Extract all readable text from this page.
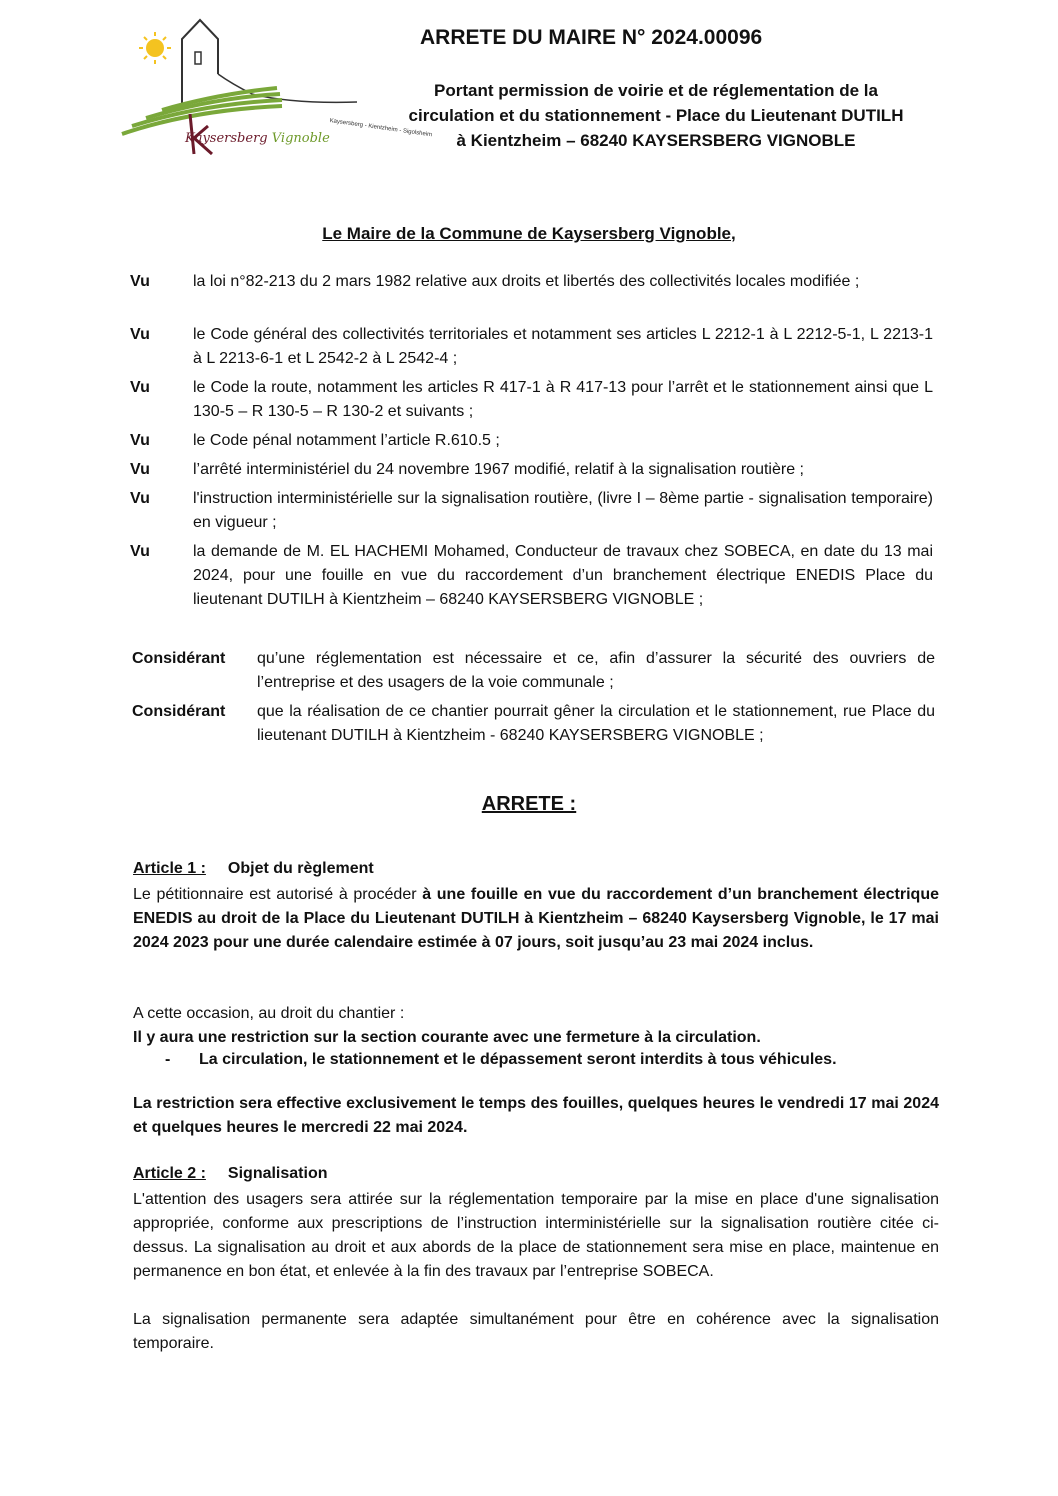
Kaysersberg - Kientzheim - Sigolsheim
Kaysersberg Vignoble
ARRETE DU MAIRE N° 2024.00096
Portant permission de voirie et de réglementation de la
circulation et du stationnement - Place du Lieutenant DUTILH
à Kientzheim – 68240 KAYSERSBERG VIGNOBLE
Le Maire de la Commune de Kaysersberg Vignoble,
Vu	la loi n°82-213 du 2 mars 1982 relative aux droits et libertés des collectivités locales modifiée ;
Vu	le Code général des collectivités territoriales et notamment ses articles L 2212-1 à L 2212-5-1, L 2213-1 à L 2213-6-1 et L 2542-2 à L 2542-4 ;
Vu	le Code la route, notamment les articles R 417-1 à R 417-13 pour l’arrêt et le stationnement ainsi que L 130-5 – R 130-5 – R 130-2 et suivants ;
Vu	le Code pénal notamment l’article R.610.5 ;
Vu	l’arrêté interministériel du 24 novembre 1967 modifié, relatif à la signalisation routière ;
Vu	l'instruction interministérielle sur la signalisation routière, (livre I – 8ème partie - signalisation temporaire) en vigueur ;
Vu	la demande de M. EL HACHEMI Mohamed, Conducteur de travaux chez SOBECA, en date du 13 mai 2024, pour une fouille en vue du raccordement d’un branchement électrique ENEDIS Place du lieutenant DUTILH à Kientzheim – 68240 KAYSERSBERG VIGNOBLE ;
Considérant qu’une réglementation est nécessaire et ce, afin d’assurer la sécurité des ouvriers de l’entreprise et des usagers de la voie communale ;
Considérant que la réalisation de ce chantier pourrait gêner la circulation et le stationnement, rue Place du lieutenant DUTILH à Kientzheim - 68240 KAYSERSBERG VIGNOBLE ;
ARRETE :
Article 1 : Objet du règlement
Le pétitionnaire est autorisé à procéder à une fouille en vue du raccordement d’un branchement électrique ENEDIS au droit de la Place du Lieutenant DUTILH à Kientzheim – 68240 Kaysersberg Vignoble, le 17 mai 2024 2023 pour une durée calendaire estimée à 07 jours, soit jusqu’au 23 mai 2024 inclus.
A cette occasion, au droit du chantier :
Il y aura une restriction sur la section courante avec une fermeture à la circulation.
- La circulation, le stationnement et le dépassement seront interdits à tous véhicules.
La restriction sera effective exclusivement le temps des fouilles, quelques heures le vendredi 17 mai 2024 et quelques heures le mercredi 22 mai 2024.
Article 2 : Signalisation
L'attention des usagers sera attirée sur la réglementation temporaire par la mise en place d'une signalisation appropriée, conforme aux prescriptions de l’instruction interministérielle sur la signalisation routière citée ci-dessus. La signalisation au droit et aux abords de la place de stationnement sera mise en place, maintenue en permanence en bon état, et enlevée à la fin des travaux par l’entreprise SOBECA.
La signalisation permanente sera adaptée simultanément pour être en cohérence avec la signalisation temporaire.
